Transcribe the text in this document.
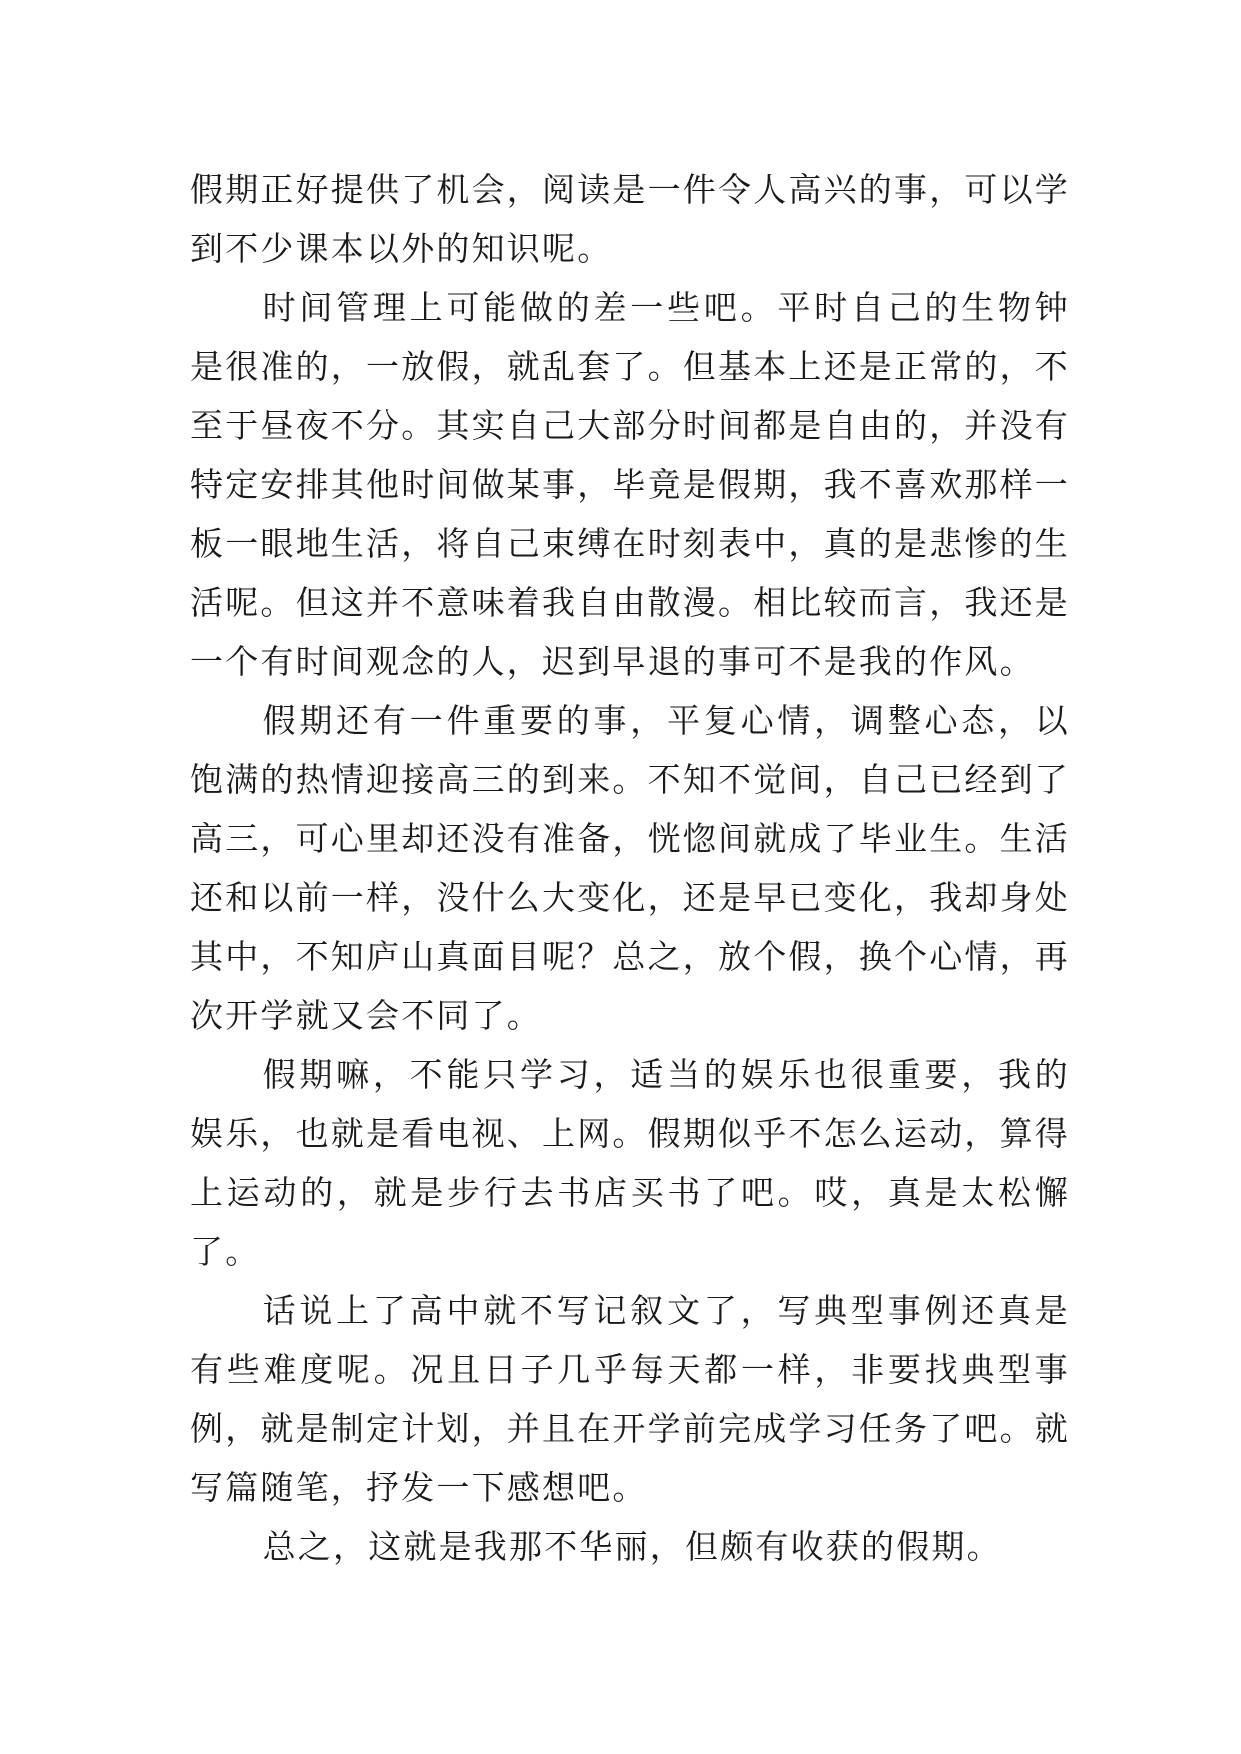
假期正好提供了机会，阅读是一件令人高兴的事，可以学到不少课本以外的知识呢。

时间管理上可能做的差一些吧。平时自己的生物钟是很准的，一放假，就乱套了。但基本上还是正常的，不至于昼夜不分。其实自己大部分时间都是自由的，并没有特定安排其他时间做某事，毕竟是假期，我不喜欢那样一板一眼地生活，将自己束缚在时刻表中，真的是悲惨的生活呢。但这并不意味着我自由散漫。相比较而言，我还是一个有时间观念的人，迟到早退的事可不是我的作风。

假期还有一件重要的事，平复心情，调整心态，以饱满的热情迎接高三的到来。不知不觉间，自己已经到了高三，可心里却还没有准备，恍惚间就成了毕业生。生活还和以前一样，没什么大变化，还是早已变化，我却身处其中，不知庐山真面目呢？总之，放个假，换个心情，再次开学就又会不同了。

假期嘛，不能只学习，适当的娱乐也很重要，我的娱乐，也就是看电视、上网。假期似乎不怎么运动，算得上运动的，就是步行去书店买书了吧。哎，真是太松懈了。

话说上了高中就不写记叙文了，写典型事例还真是有些难度呢。况且日子几乎每天都一样，非要找典型事例，就是制定计划，并且在开学前完成学习任务了吧。就写篇随笔，抒发一下感想吧。

总之，这就是我那不华丽，但颇有收获的假期。
